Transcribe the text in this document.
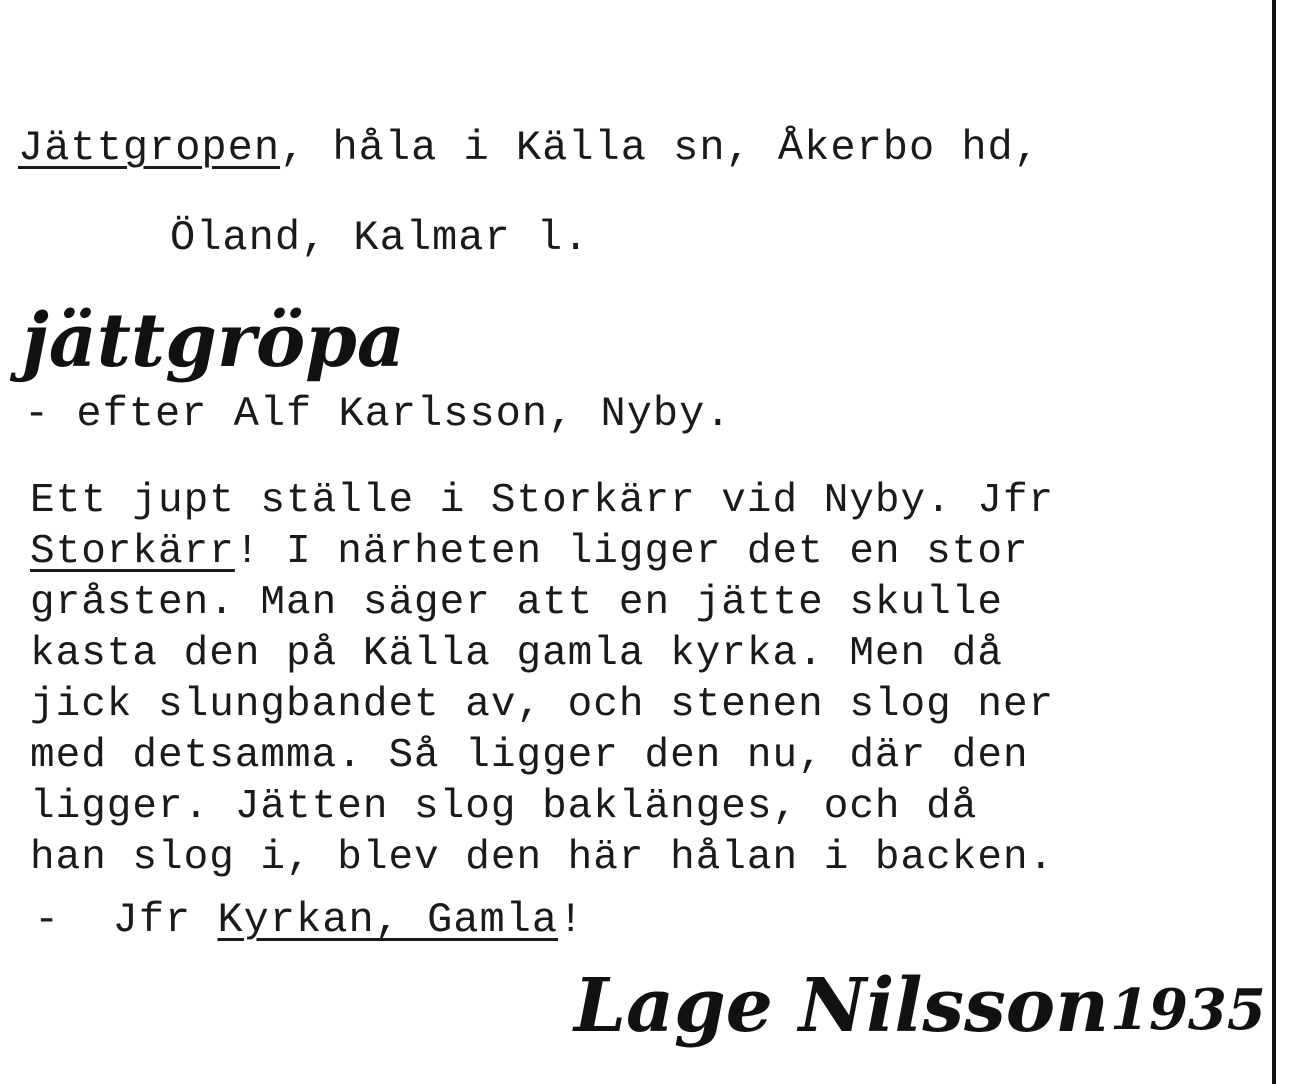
Jättgropen, håla i Källa sn, Åkerbo hd,
Öland, Kalmar l.
jättgröpa
- efter Alf Karlsson, Nyby.
Ett jupt ställe i Storkärr vid Nyby. Jfr
Storkärr! I närheten ligger det en stor
gråsten. Man säger att en jätte skulle
kasta den på Källa gamla kyrka. Men då
jick slungbandet av, och stenen slog ner
med detsamma. Så ligger den nu, där den
ligger. Jätten slog baklänges, och då
han slog i, blev den här hålan i backen.
-  Jfr Kyrkan, Gamla!
Lage Nilsson 1935
